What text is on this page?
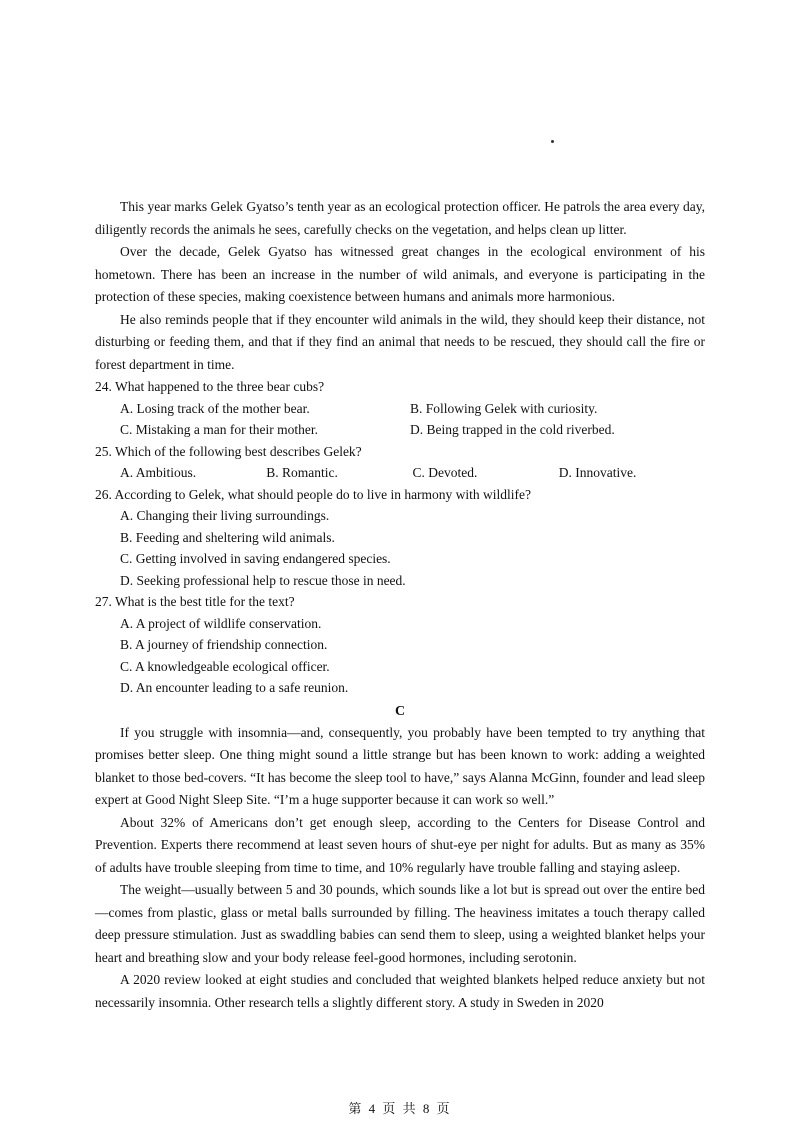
This year marks Gelek Gyatso’s tenth year as an ecological protection officer. He patrols the area every day, diligently records the animals he sees, carefully checks on the vegetation, and helps clean up litter.

Over the decade, Gelek Gyatso has witnessed great changes in the ecological environment of his hometown. There has been an increase in the number of wild animals, and everyone is participating in the protection of these species, making coexistence between humans and animals more harmonious.

He also reminds people that if they encounter wild animals in the wild, they should keep their distance, not disturbing or feeding them, and that if they find an animal that needs to be rescued, they should call the fire or forest department in time.

24. What happened to the three bear cubs?
A. Losing track of the mother bear.	B. Following Gelek with curiosity.
C. Mistaking a man for their mother.	D. Being trapped in the cold riverbed.
25. Which of the following best describes Gelek?
A. Ambitious.	B. Romantic.	C. Devoted.	D. Innovative.
26. According to Gelek, what should people do to live in harmony with wildlife?
A. Changing their living surroundings.
B. Feeding and sheltering wild animals.
C. Getting involved in saving endangered species.
D. Seeking professional help to rescue those in need.
27. What is the best title for the text?
A. A project of wildlife conservation.
B. A journey of friendship connection.
C. A knowledgeable ecological officer.
D. An encounter leading to a safe reunion.
C

If you struggle with insomnia—and, consequently, you probably have been tempted to try anything that promises better sleep. One thing might sound a little strange but has been known to work: adding a weighted blanket to those bed-covers. “It has become the sleep tool to have,” says Alanna McGinn, founder and lead sleep expert at Good Night Sleep Site. “I’m a huge supporter because it can work so well.”

About 32% of Americans don’t get enough sleep, according to the Centers for Disease Control and Prevention. Experts there recommend at least seven hours of shut-eye per night for adults. But as many as 35% of adults have trouble sleeping from time to time, and 10% regularly have trouble falling and staying asleep.

The weight—usually between 5 and 30 pounds, which sounds like a lot but is spread out over the entire bed—comes from plastic, glass or metal balls surrounded by filling. The heaviness imitates a touch therapy called deep pressure stimulation. Just as swaddling babies can send them to sleep, using a weighted blanket helps your heart and breathing slow and your body release feel-good hormones, including serotonin.

A 2020 review looked at eight studies and concluded that weighted blankets helped reduce anxiety but not necessarily insomnia. Other research tells a slightly different story. A study in Sweden in 2020

第 4 页 共 8 页
